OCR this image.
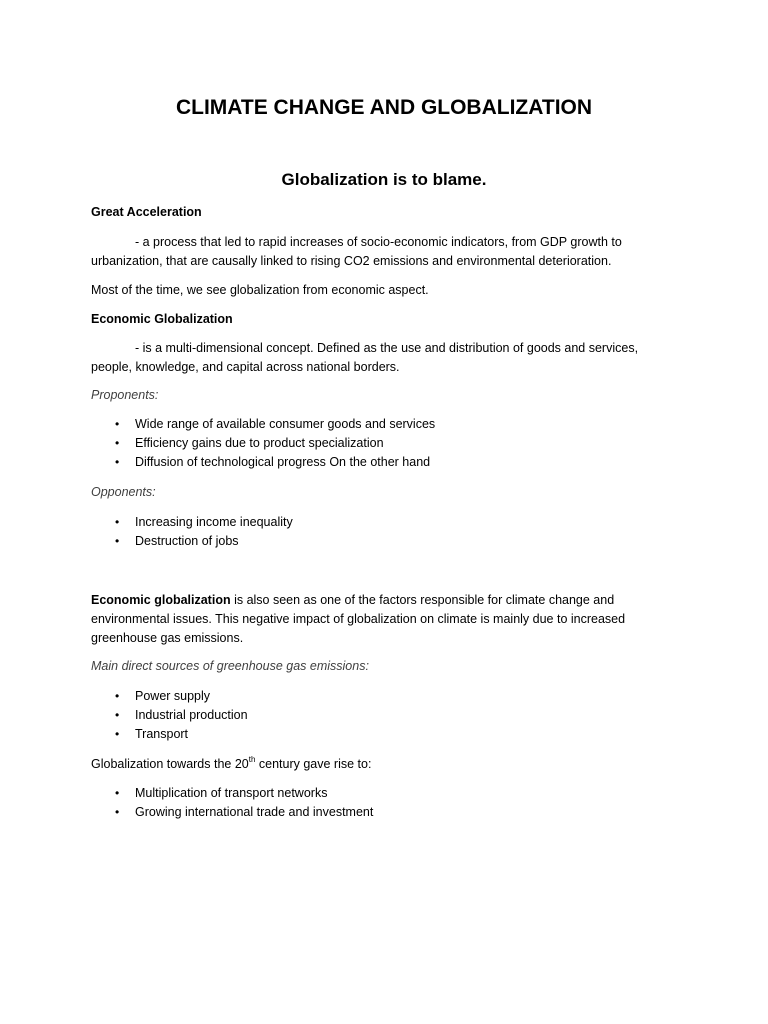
CLIMATE CHANGE AND GLOBALIZATION
Globalization is to blame.

Great Acceleration

- a process that led to rapid increases of socio-economic indicators, from GDP growth to urbanization, that are causally linked to rising CO2 emissions and environmental deterioration.

Most of the time, we see globalization from economic aspect.

Economic Globalization

- is a multi-dimensional concept. Defined as the use and distribution of goods and services, people, knowledge, and capital across national borders.

Proponents:

• Wide range of available consumer goods and services
• Efficiency gains due to product specialization
• Diffusion of technological progress On the other hand

Opponents:

• Increasing income inequality
• Destruction of jobs

Economic globalization is also seen as one of the factors responsible for climate change and environmental issues. This negative impact of globalization on climate is mainly due to increased greenhouse gas emissions.

Main direct sources of greenhouse gas emissions:

• Power supply
• Industrial production
• Transport

Globalization towards the 20th century gave rise to:

• Multiplication of transport networks
• Growing international trade and investment
